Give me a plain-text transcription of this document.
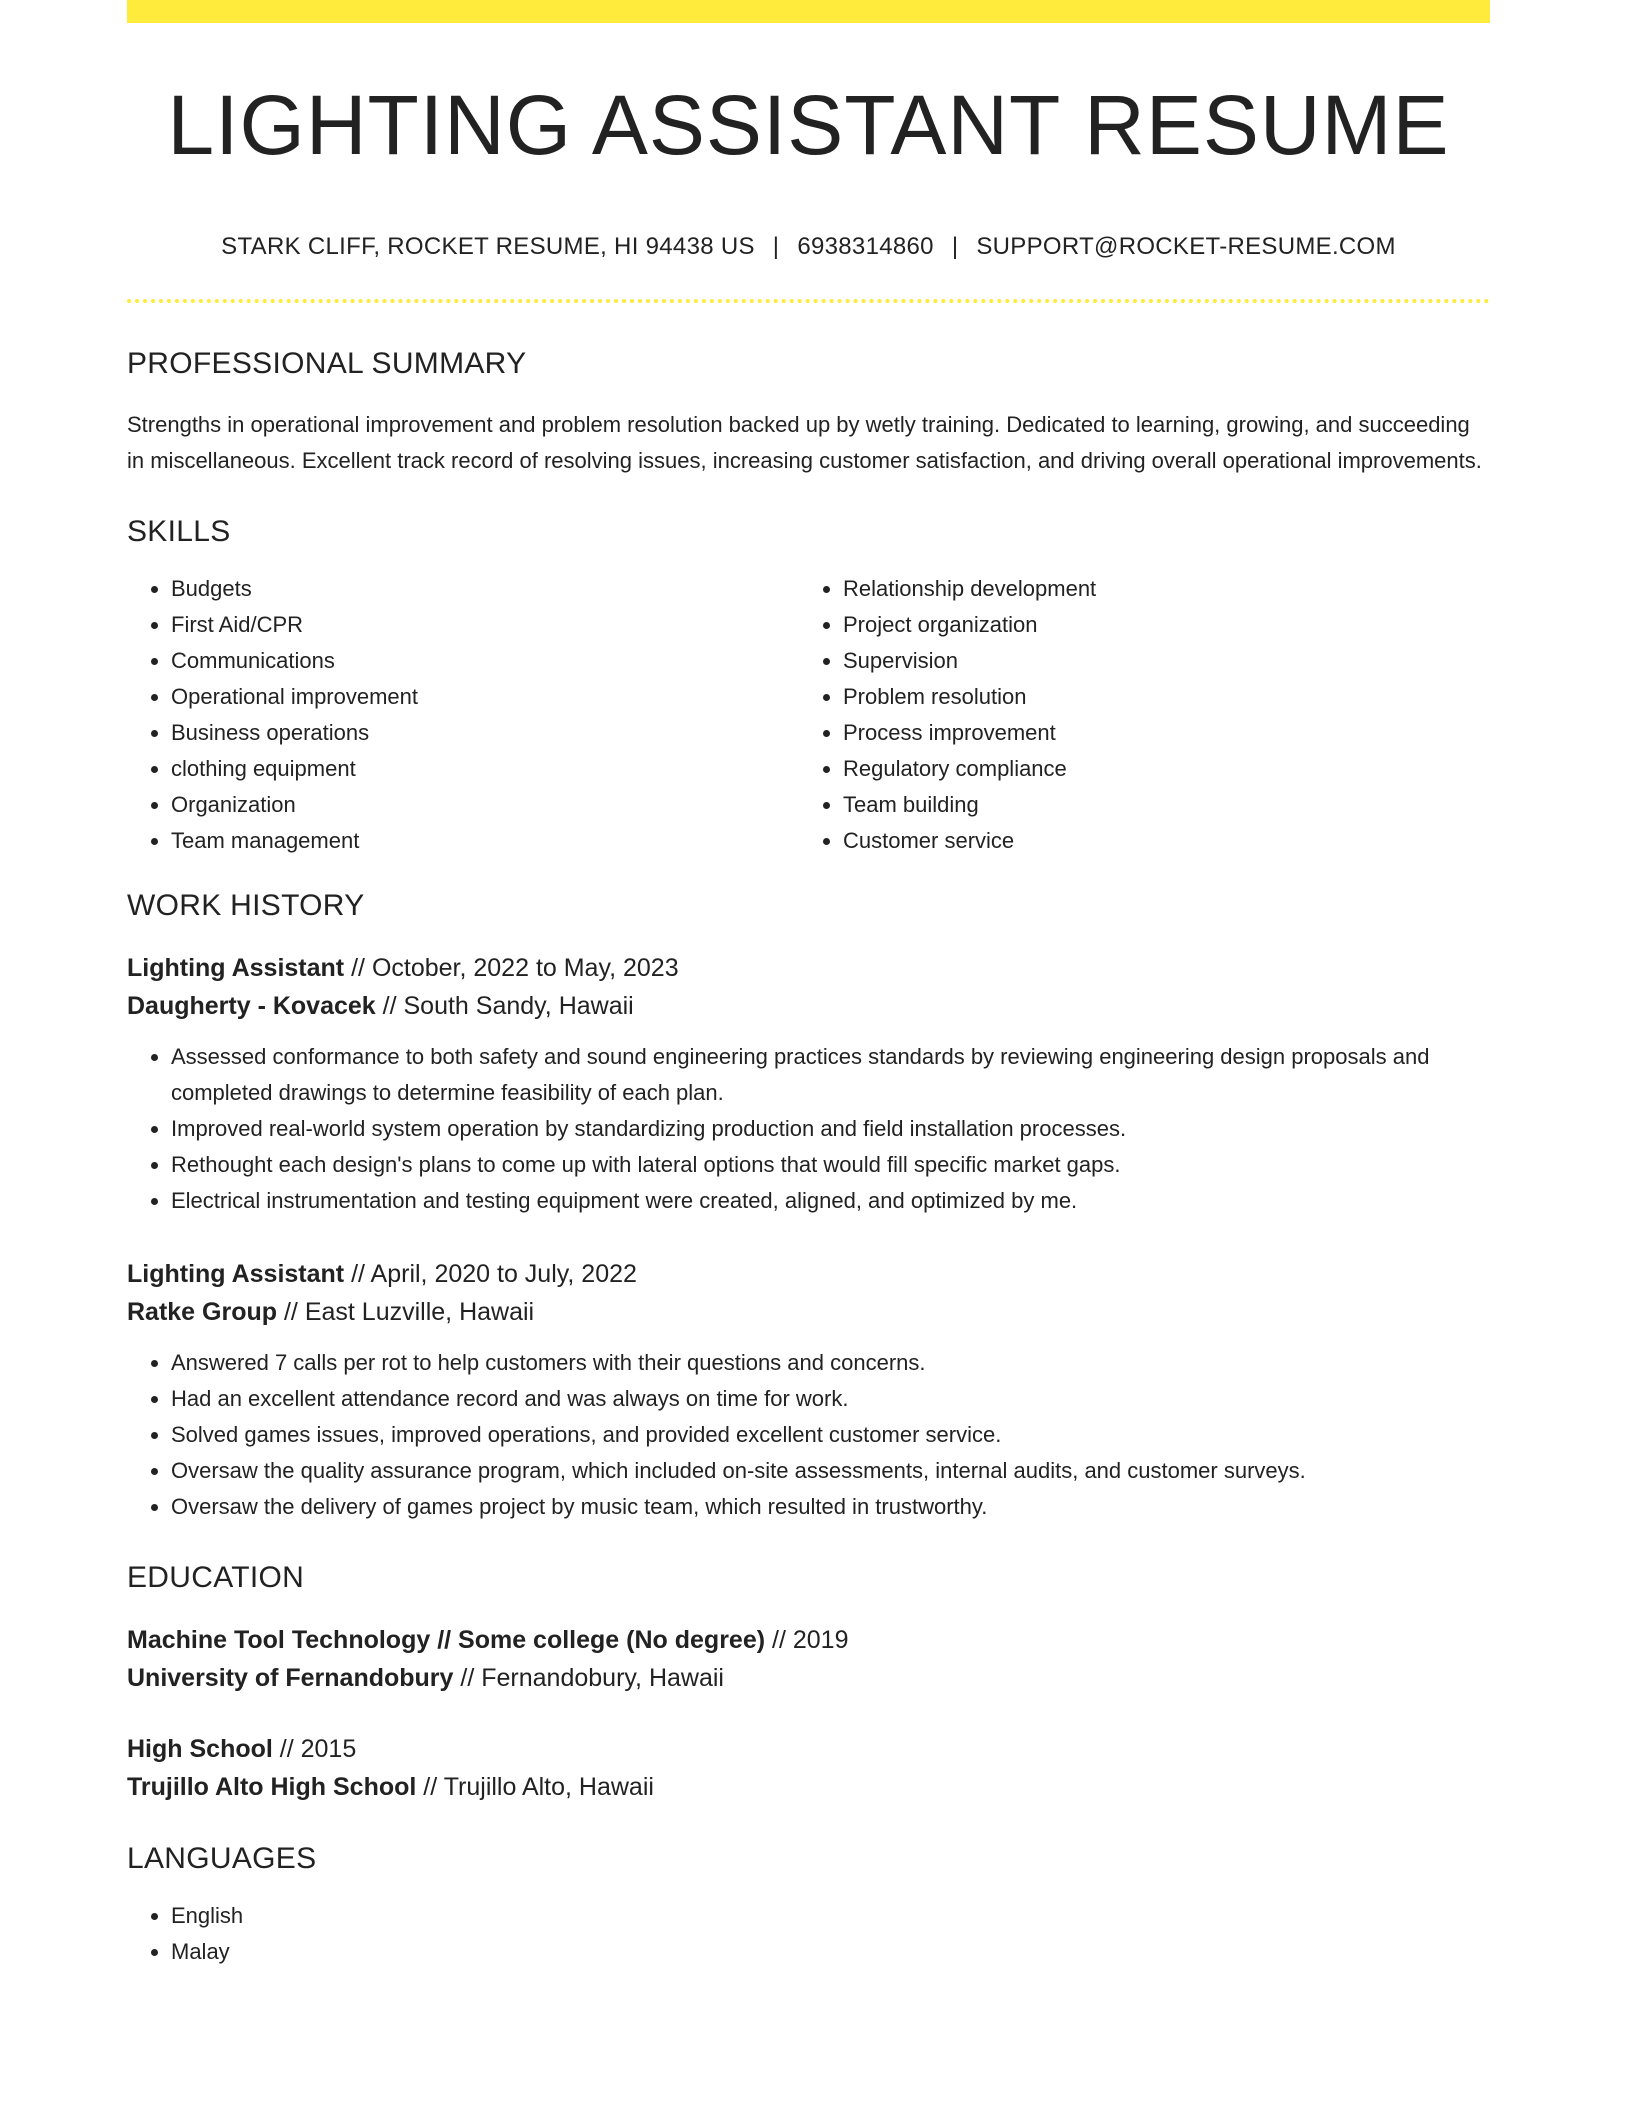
LIGHTING ASSISTANT RESUME
STARK CLIFF, ROCKET RESUME, HI 94438 US | 6938314860 | SUPPORT@ROCKET-RESUME.COM
PROFESSIONAL SUMMARY

Strengths in operational improvement and problem resolution backed up by wetly training. Dedicated to learning, growing, and succeeding in miscellaneous. Excellent track record of resolving issues, increasing customer satisfaction, and driving overall operational improvements.

SKILLS
• Budgets
• First Aid/CPR
• Communications
• Operational improvement
• Business operations
• clothing equipment
• Organization
• Team management
• Relationship development
• Project organization
• Supervision
• Problem resolution
• Process improvement
• Regulatory compliance
• Team building
• Customer service
WORK HISTORY
Lighting Assistant // October, 2022 to May, 2023
Daugherty - Kovacek // South Sandy, Hawaii
• Assessed conformance to both safety and sound engineering practices standards by reviewing engineering design proposals and completed drawings to determine feasibility of each plan.
• Improved real-world system operation by standardizing production and field installation processes.
• Rethought each design's plans to come up with lateral options that would fill specific market gaps.
• Electrical instrumentation and testing equipment were created, aligned, and optimized by me.
Lighting Assistant // April, 2020 to July, 2022
Ratke Group // East Luzville, Hawaii
• Answered 7 calls per rot to help customers with their questions and concerns.
• Had an excellent attendance record and was always on time for work.
• Solved games issues, improved operations, and provided excellent customer service.
• Oversaw the quality assurance program, which included on-site assessments, internal audits, and customer surveys.
• Oversaw the delivery of games project by music team, which resulted in trustworthy.
EDUCATION
Machine Tool Technology // Some college (No degree) // 2019
University of Fernandobury // Fernandobury, Hawaii
High School // 2015
Trujillo Alto High School // Trujillo Alto, Hawaii
LANGUAGES
• English
• Malay
